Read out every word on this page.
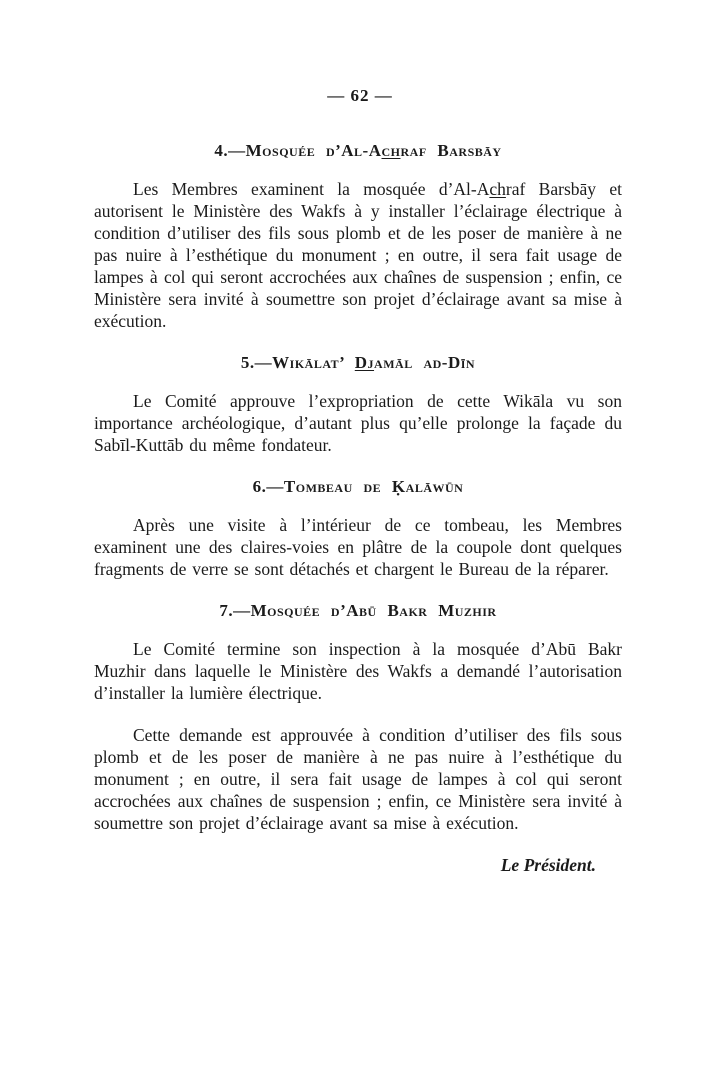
— 62 —
4.—Mosquée d’Al-Achraf Barsbāy

Les Membres examinent la mosquée d’Al-Achraf Barsbāy et autorisent le Ministère des Wakfs à y installer l’éclairage électrique à condition d’utiliser des fils sous plomb et de les poser de manière à ne pas nuire à l’esthétique du monument ; en outre, il sera fait usage de lampes à col qui seront accrochées aux chaînes de suspension ; enfin, ce Ministère sera invité à soumettre son projet d’éclairage avant sa mise à exécution.

5.—Wikālat’ Djamāl ad-Dīn

Le Comité approuve l’expropriation de cette Wikāla vu son importance archéologique, d’autant plus qu’elle prolonge la façade du Sabīl-Kuttāb du même fondateur.

6.—Tombeau de Ḳalāwūn

Après une visite à l’intérieur de ce tombeau, les Membres examinent une des claires-voies en plâtre de la coupole dont quelques fragments de verre se sont détachés et chargent le Bureau de la réparer.

7.—Mosquée d’Abū Bakr Muzhir

Le Comité termine son inspection à la mosquée d’Abū Bakr Muzhir dans laquelle le Ministère des Wakfs a demandé l’autorisation d’installer la lumière électrique.

Cette demande est approuvée à condition d’utiliser des fils sous plomb et de les poser de manière à ne pas nuire à l’esthétique du monument ; en outre, il sera fait usage de lampes à col qui seront accrochées aux chaînes de suspension ; enfin, ce Ministère sera invité à soumettre son projet d’éclairage avant sa mise à exécution.

Le Président.
